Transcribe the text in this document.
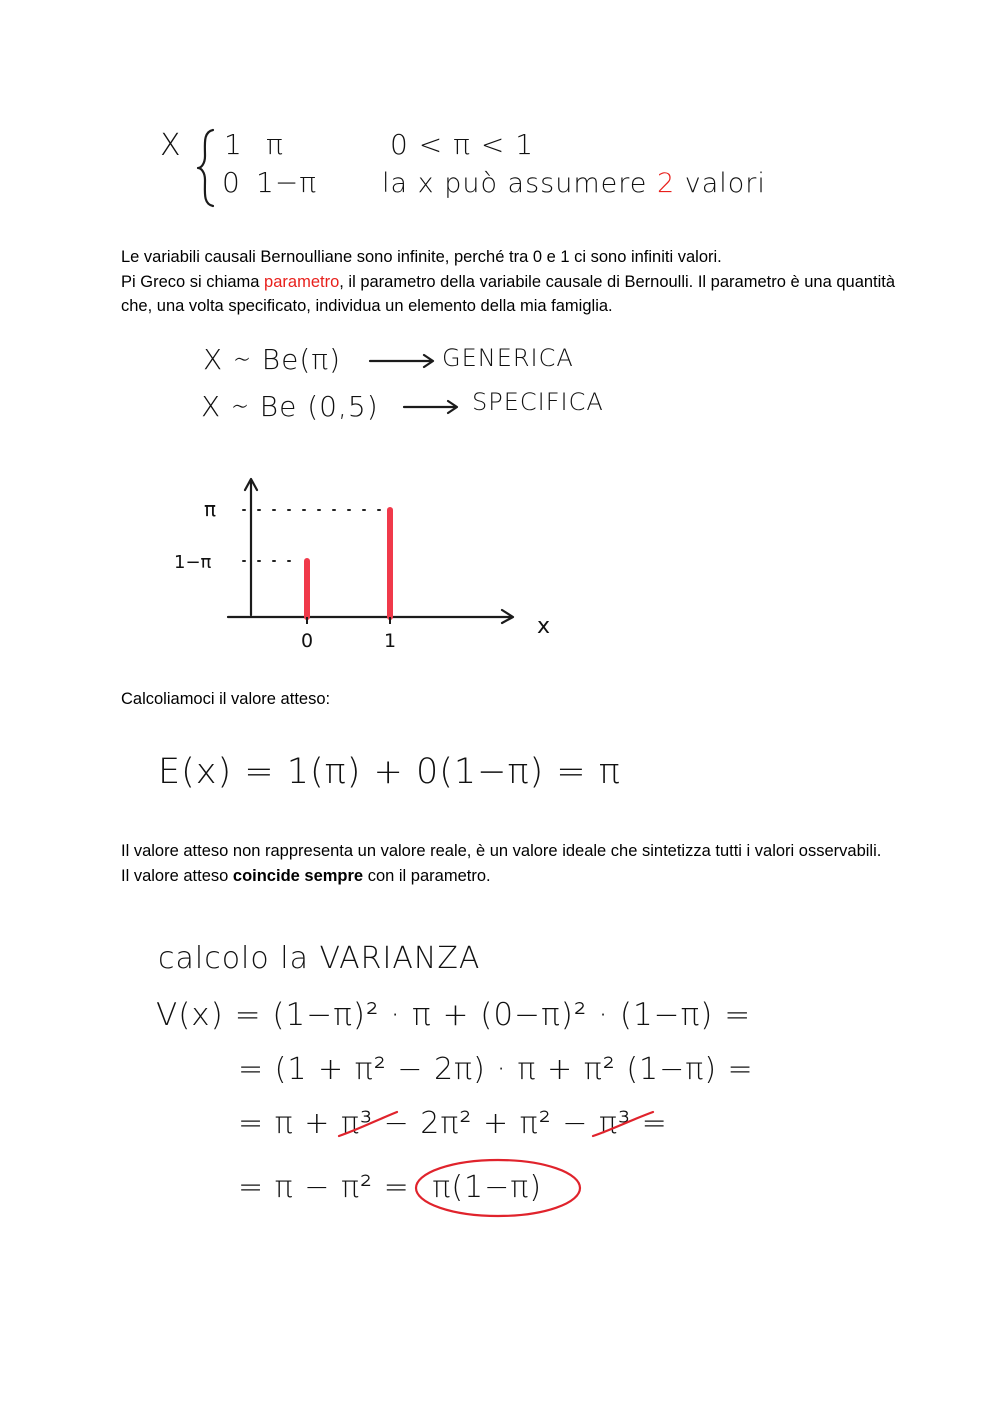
X 1 π
0 1−π
0 < π < 1
la x può assumere 2 valori

Le variabili causali Bernoulliane sono infinite, perché tra 0 e 1 ci sono infiniti valori.

Pi Greco si chiama parametro, il parametro della variabile causale di Bernoulli. Il parametro è una quantità che, una volta specificato, individua un elemento della mia famiglia.

X ∼ Be(π)	GENERICA
X ∼ Be (0,5)	SPECIFICA
0	1
π
1−π
x

Calcoliamoci il valore atteso:

E(x) = 1(π) + 0(1−π) = π

Il valore atteso non rappresenta un valore reale, è un valore ideale che sintetizza tutti i valori osservabili.

Il valore atteso coincide sempre con il parametro.

calcolo la VARIANZA
V(x) = (1−π)² · π + (0−π)² · (1−π) =
= (1 + π² − 2π) · π + π² (1−π) =
= π + π³ − 2π² + π² − π³ =
= π − π² = π(1−π)
